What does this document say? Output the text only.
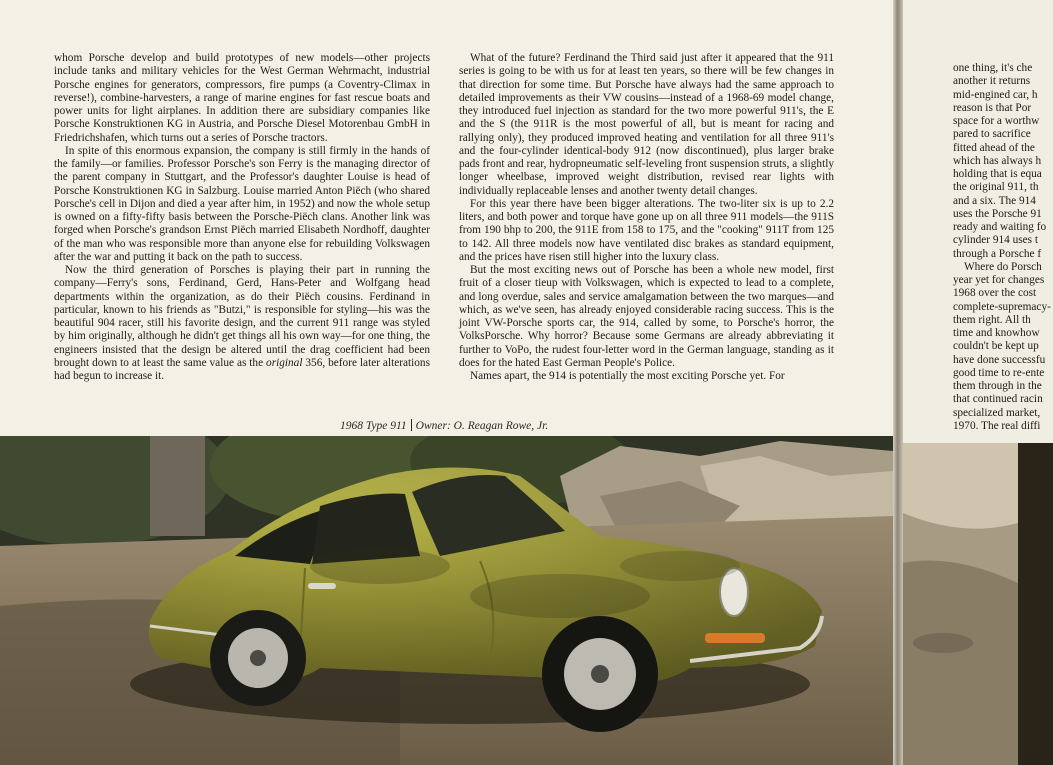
whom Porsche develop and build prototypes of new models—other projects include tanks and military vehicles for the West German Wehrmacht, industrial Porsche engines for generators, compressors, fire pumps (a Coventry-Climax in reverse!), combine-harvesters, a range of marine engines for fast rescue boats and power units for light airplanes. In addition there are subsidiary companies like Porsche Konstruktionen KG in Austria, and Porsche Diesel Motorenbau GmbH in Friedrichshafen, which turns out a series of Porsche tractors.

In spite of this enormous expansion, the company is still firmly in the hands of the family—or families. Professor Porsche's son Ferry is the managing director of the parent company in Stuttgart, and the Professor's daughter Louise is head of Porsche Konstruktionen KG in Salzburg. Louise married Anton Piëch (who shared Porsche's cell in Dijon and died a year after him, in 1952) and now the whole setup is owned on a fifty-fifty basis between the Porsche-Piëch clans. Another link was forged when Porsche's grandson Ernst Piëch married Elisabeth Nordhoff, daughter of the man who was responsible more than anyone else for rebuilding Volkswagen after the war and putting it back on the path to success.

Now the third generation of Porsches is playing their part in running the company—Ferry's sons, Ferdinand, Gerd, Hans-Peter and Wolfgang head departments within the organization, as do their Piëch cousins. Ferdinand in particular, known to his friends as "Butzi," is responsible for styling—his was the beautiful 904 racer, still his favorite design, and the current 911 range was styled by him originally, although he didn't get things all his own way—for one thing, the engineers insisted that the design be altered until the drag coefficient had been brought down to at least the same value as the original 356, before later alterations had begun to increase it.

What of the future? Ferdinand the Third said just after it appeared that the 911 series is going to be with us for at least ten years, so there will be few changes in that direction for some time. But Porsche have always had the same approach to detailed improvements as their VW cousins—instead of a 1968-69 model change, they introduced fuel injection as standard for the two more powerful 911's, the E and the S (the 911R is the most powerful of all, but is meant for racing and rallying only), they produced improved heating and ventilation for all three 911's and the four-cylinder identical-body 912 (now discontinued), plus larger brake pads front and rear, hydropneumatic self-leveling front suspension struts, a slightly longer wheelbase, improved weight distribution, revised rear lights with individually replaceable lenses and another twenty detail changes.

For this year there have been bigger alterations. The two-liter six is up to 2.2 liters, and both power and torque have gone up on all three 911 models—the 911S from 190 bhp to 200, the 911E from 158 to 175, and the "cooking" 911T from 125 to 142. All three models now have ventilated disc brakes as standard equipment, and the prices have risen still higher into the luxury class.

But the most exciting news out of Porsche has been a whole new model, first fruit of a closer tieup with Volkswagen, which is expected to lead to a complete, and long overdue, sales and service amalgamation between the two marques—and which, as we've seen, has already enjoyed considerable racing success. This is the joint VW-Porsche sports car, the 914, called by some, to Porsche's horror, the VolksPorsche. Why horror? Because some Germans are already abbreviating it further to VoPo, the rudest four-letter word in the German language, standing as it does for the hated East German People's Police.

Names apart, the 914 is potentially the most exciting Porsche yet. For

1968 Type 911 Owner: O. Reagan Rowe, Jr.

one thing, it's che

another it returns

mid-engined car, h

reason is that Por

space for a worthw

pared to sacrifice

fitted ahead of the

which has always h

holding that is equa

the original 911, th

and a six. The 914

uses the Porsche 91

ready and waiting fo

cylinder 914 uses t

through a Porsche f

Where do Porsch

year yet for changes

1968 over the cost

complete-supremacy-

them right. All th

time and knowhow

couldn't be kept up

have done successfu

good time to re-ente

them through in the

that continued racin

specialized market,

1970. The real diffi
